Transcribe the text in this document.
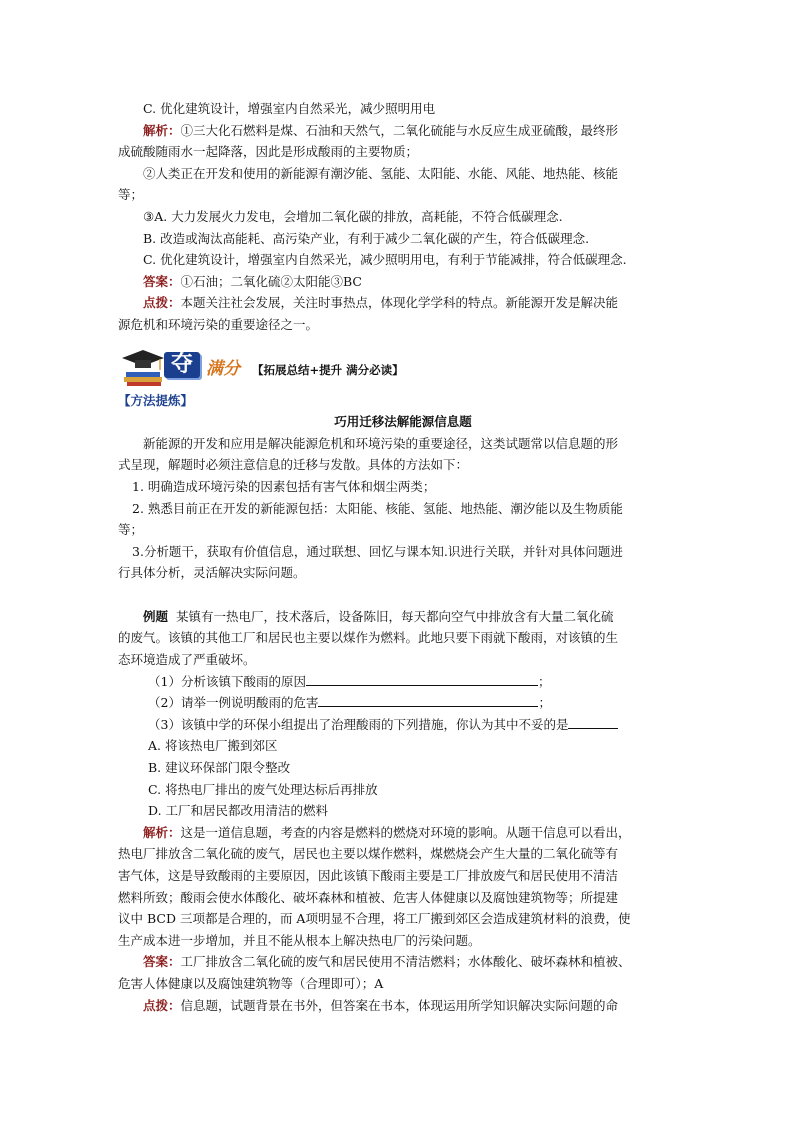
C. 优化建筑设计，增强室内自然采光，减少照明用电
解析：①三大化石燃料是煤、石油和天然气，二氧化硫能与水反应生成亚硫酸，最终形
成硫酸随雨水一起降落，因此是形成酸雨的主要物质；
②人类正在开发和使用的新能源有潮汐能、氢能、太阳能、水能、风能、地热能、核能
等；
③A. 大力发展火力发电，会增加二氧化碳的排放，高耗能，不符合低碳理念.
B. 改造或淘汰高能耗、高污染产业，有利于减少二氧化碳的产生，符合低碳理念.
C. 优化建筑设计，增强室内自然采光，减少照明用电，有利于节能减排，符合低碳理念.
答案：①石油；二氧化硫②太阳能③BC
点拨：本题关注社会发展，关注时事热点，体现化学学科的特点。新能源开发是解决能
源危机和环境污染的重要途径之一。
夺 满分 【拓展总结+提升 满分必读】
【方法提炼】
巧用迁移法解能源信息题
新能源的开发和应用是解决能源危机和环境污染的重要途径，这类试题常以信息题的形
式呈现，解题时必须注意信息的迁移与发散。具体的方法如下：
1. 明确造成环境污染的因素包括有害气体和烟尘两类；
2. 熟悉目前正在开发的新能源包括：太阳能、核能、氢能、地热能、潮汐能以及生物质能
等；
3.分析题干，获取有价值信息，通过联想、回忆与课本知.识进行关联，并针对具体问题进
行具体分析，灵活解决实际问题。
例题 某镇有一热电厂，技术落后，设备陈旧，每天都向空气中排放含有大量二氧化硫
的废气。该镇的其他工厂和居民也主要以煤作为燃料。此地只要下雨就下酸雨，对该镇的生
态环境造成了严重破坏。
（1）分析该镇下酸雨的原因	；
（2）请举一例说明酸雨的危害	；
（3）该镇中学的环保小组提出了治理酸雨的下列措施，你认为其中不妥的是
A. 将该热电厂搬到郊区
B. 建议环保部门限令整改
C. 将热电厂排出的废气处理达标后再排放
D. 工厂和居民都改用清洁的燃料
解析：这是一道信息题，考查的内容是燃料的燃烧对环境的影响。从题干信息可以看出，
热电厂排放含二氧化硫的废气，居民也主要以煤作燃料，煤燃烧会产生大量的二氧化硫等有
害气体，这是导致酸雨的主要原因，因此该镇下酸雨主要是工厂排放废气和居民使用不清洁
燃料所致；酸雨会使水体酸化、破坏森林和植被、危害人体健康以及腐蚀建筑物等；所提建
议中 BCD 三项都是合理的，而 A项明显不合理，将工厂搬到郊区会造成建筑材料的浪费，使
生产成本进一步增加，并且不能从根本上解决热电厂的污染问题。
答案：工厂排放含二氧化硫的废气和居民使用不清洁燃料；水体酸化、破坏森林和植被、
危害人体健康以及腐蚀建筑物等（合理即可）；A
点拨：信息题，试题背景在书外，但答案在书本，体现运用所学知识解决实际问题的命
